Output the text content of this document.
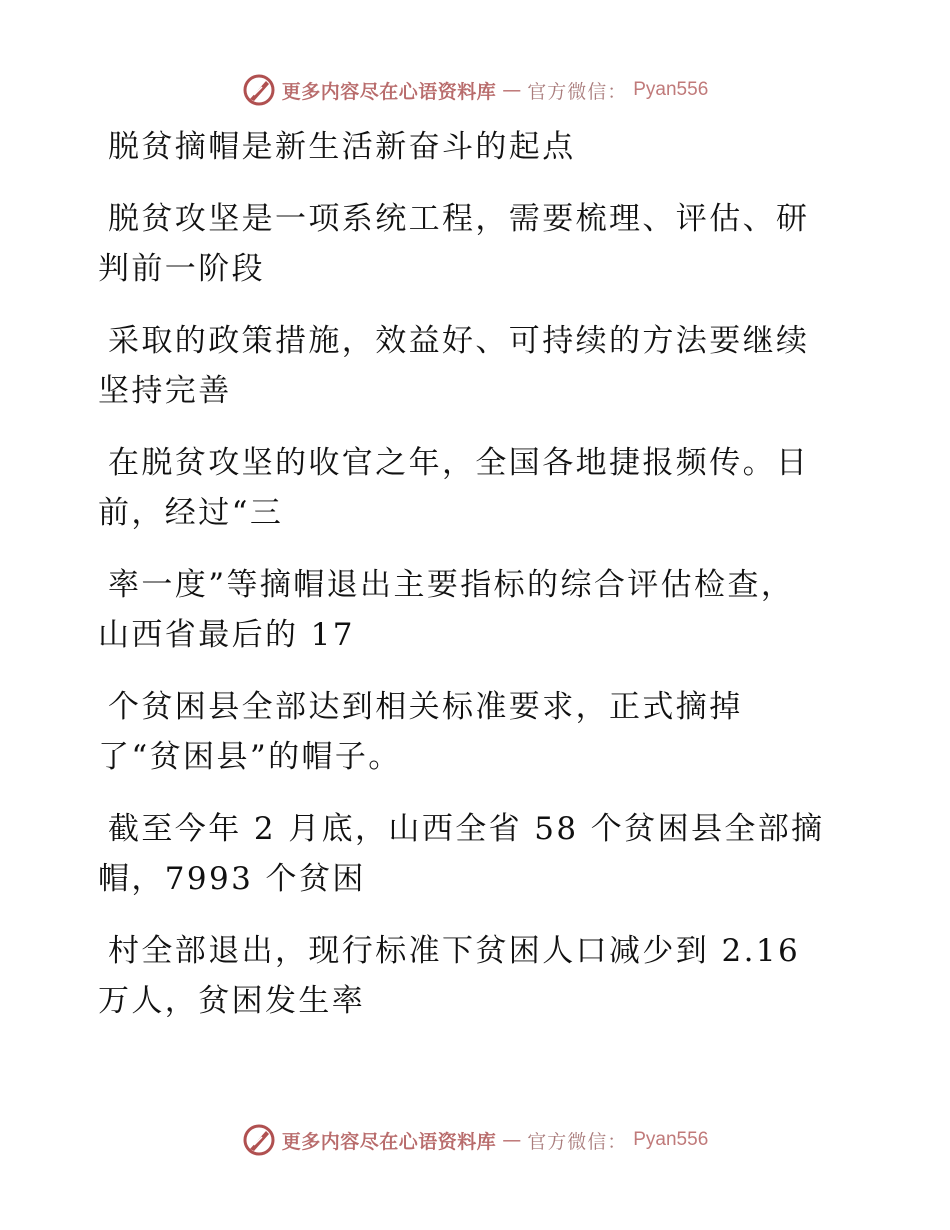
更多内容尽在心语资料库 — 官方微信： Pyan556

脱贫摘帽是新生活新奋斗的起点

脱贫攻坚是一项系统工程，需要梳理、评估、研
判前一阶段

采取的政策措施，效益好、可持续的方法要继续
坚持完善

在脱贫攻坚的收官之年，全国各地捷报频传。日
前，经过“三

率一度”等摘帽退出主要指标的综合评估检查，
山西省最后的 17

个贫困县全部达到相关标准要求，正式摘掉
了“贫困县”的帽子。

截至今年 2 月底，山西全省 58 个贫困县全部摘
帽，7993 个贫困

村全部退出，现行标准下贫困人口减少到 2.16
万人，贫困发生率

更多内容尽在心语资料库 — 官方微信： Pyan556
